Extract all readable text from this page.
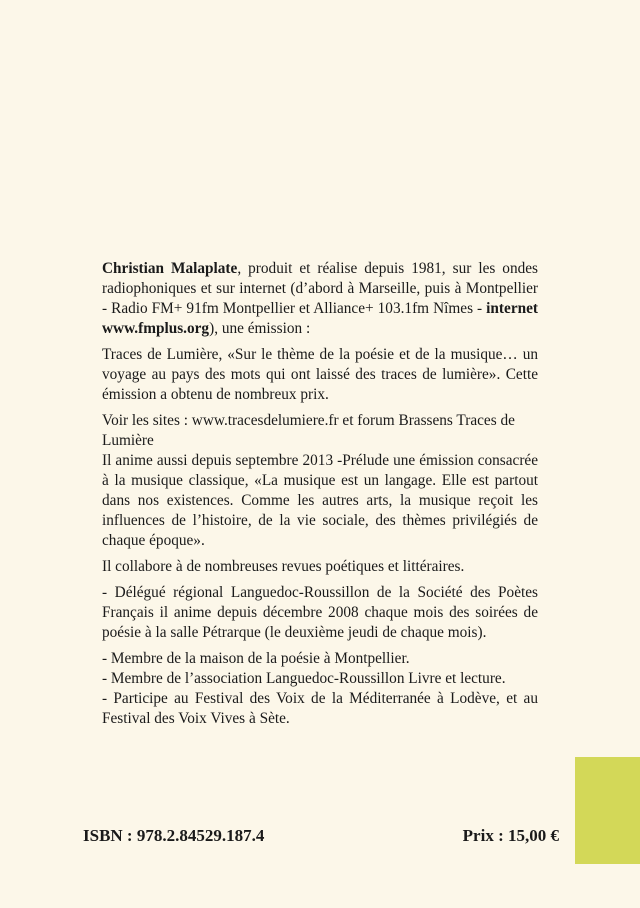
Christian Malaplate, produit et réalise depuis 1981, sur les ondes radiophoniques et sur internet (d’abord à Marseille, puis à Montpellier - Radio FM+ 91fm Montpellier et Alliance+ 103.1fm Nîmes - internet www.fmplus.org), une émission :

Traces de Lumière, «Sur le thème de la poésie et de la musique… un voyage au pays des mots qui ont laissé des traces de lumière». Cette émission a obtenu de nombreux prix.

Voir les sites : www.tracesdelumiere.fr et forum Brassens Traces de Lumière

Il anime aussi depuis septembre 2013 -Prélude une émission consacrée à la musique classique, «La musique est un langage. Elle est partout dans nos existences. Comme les autres arts, la musique reçoit les influences de l’histoire, de la vie sociale, des thèmes privilégiés de chaque époque».

Il collabore à de nombreuses revues poétiques et littéraires.

- Délégué régional Languedoc-Roussillon de la Société des Poètes Français il anime depuis décembre 2008 chaque mois des soirées de poésie à la salle Pétrarque (le deuxième jeudi de chaque mois).

- Membre de la maison de la poésie à Montpellier.

- Membre de l’association Languedoc-Roussillon Livre et lecture.

- Participe au Festival des Voix de la Méditerranée à Lodève, et au Festival des Voix Vives à Sète.

ISBN : 978.2.84529.187.4	Prix : 15,00 €
